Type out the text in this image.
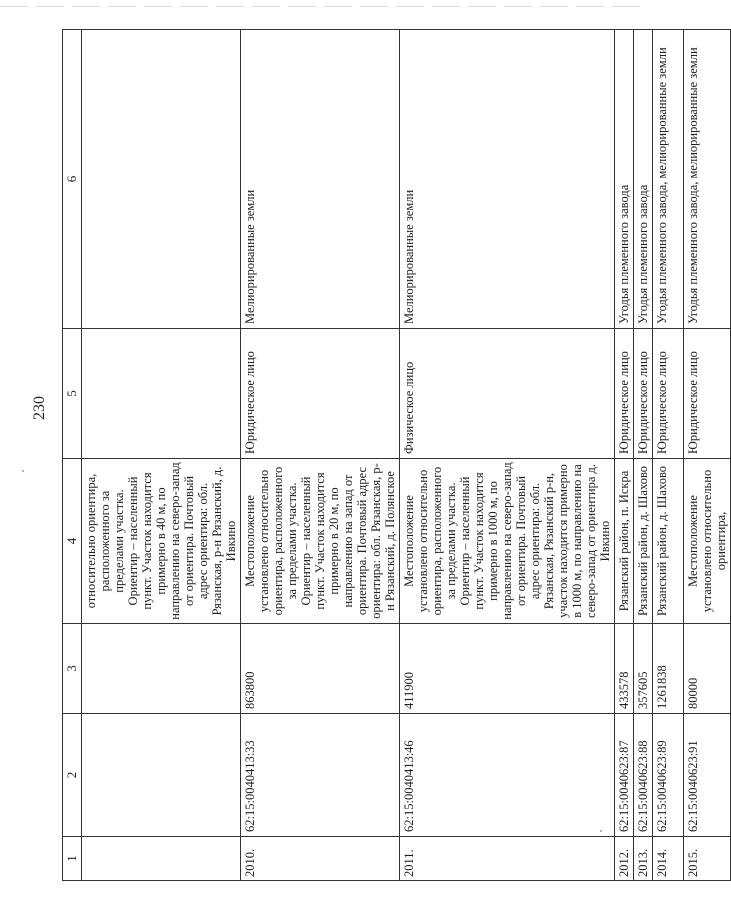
230
1	2	3	4	5	6
			относительно ориентира, расположенного за пределами участка. Ориентир – населенный пункт. Участок находится примерно в 40 м, по направлению на северо-запад от ориентира. Почтовый адрес ориентира: обл. Рязанская, р-н Рязанский, д. Ивкино		
2010.	62:15:0040413:33	863800	Местоположение установлено относительно ориентира, расположенного за пределами участка. Ориентир – населенный пункт. Участок находится примерно в 20 м, по направлению на запад от ориентира. Почтовый адрес ориентира: обл. Рязанская, р-н Рязанский, д. Полянское	Юридическое лицо	Мелиорированные земли
2011.	62:15:0040413:46	411900	Местоположение установлено относительно ориентира, расположенного за пределами участка. Ориентир – населенный пункт. Участок находится примерно в 1000 м, по направлению на северо-запад от ориентира. Почтовый адрес ориентира: обл. Рязанская, Рязанский р-н, участок находится примерно в 1000 м, по направлению на северо-запад от ориентира д. Ивкино	Физическое лицо	Мелиорированные земли
2012.	62:15:0040623:87	433578	Рязанский район, п. Искра	Юридическое лицо	Угодья племенного завода
2013.	62:15:0040623:88	357605	Рязанский район, д. Шахово	Юридическое лицо	Угодья племенного завода
2014.	62:15:0040623:89	1261838	Рязанский район, д. Шахово	Юридическое лицо	Угодья племенного завода, мелиорированные земли
2015.	62:15:0040623:91	80000	Местоположение установлено относительно ориентира,	Юридическое лицо	Угодья племенного завода, мелиорированные земли
